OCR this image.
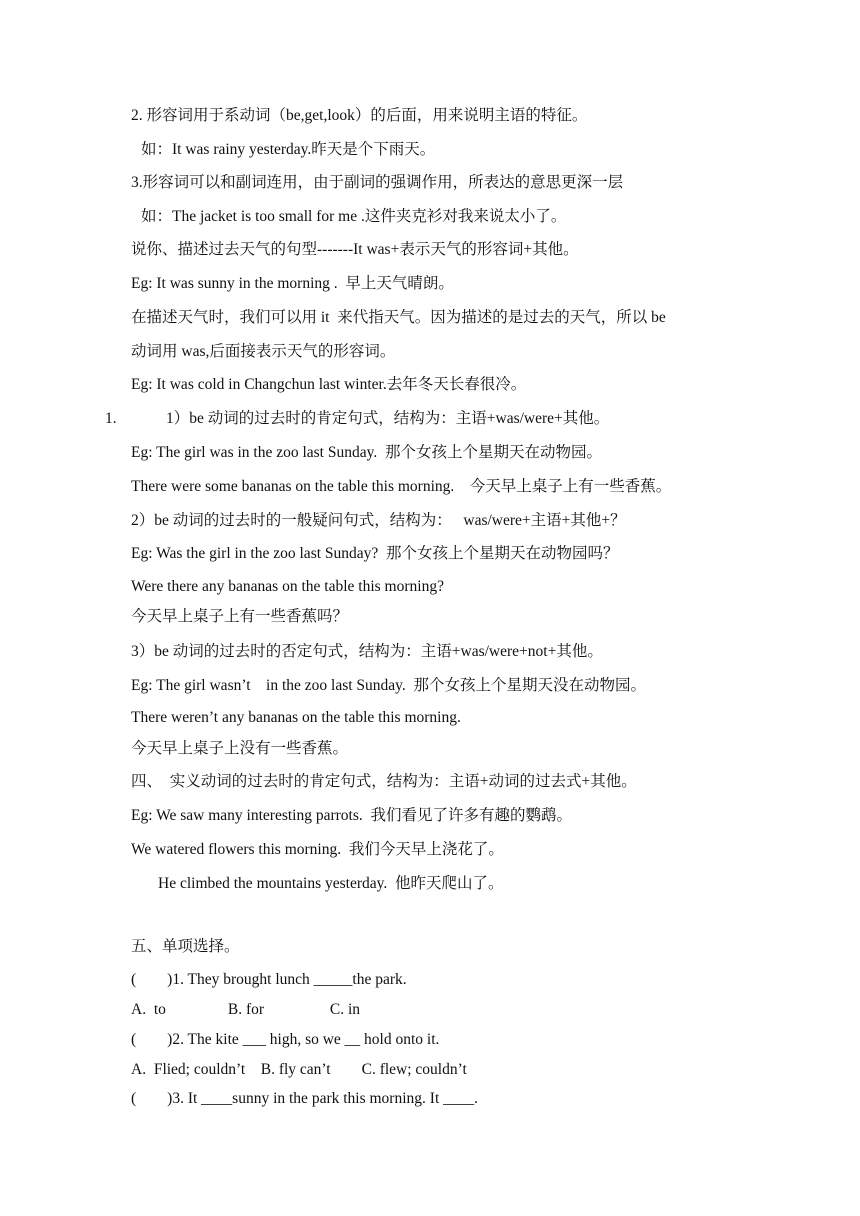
2. 形容词用于系动词（be,get,look）的后面，用来说明主语的特征。
如：It was rainy yesterday.昨天是个下雨天。
3.形容词可以和副词连用，由于副词的强调作用，所表达的意思更深一层
如：The jacket is too small for me .这件夹克衫对我来说太小了。
说你、描述过去天气的句型-------It was+表示天气的形容词+其他。
Eg: It was sunny in the morning .  早上天气晴朗。
在描述天气时，我们可以用 it  来代指天气。因为描述的是过去的天气，所以 be
动词用 was,后面接表示天气的形容词。
Eg: It was cold in Changchun last winter.去年冬天长春很冷。
1.	1）be 动词的过去时的肯定句式，结构为：主语+was/were+其他。
Eg: The girl was in the zoo last Sunday.  那个女孩上个星期天在动物园。
There were some bananas on the table this morning.    今天早上桌子上有一些香蕉。
2）be 动词的过去时的一般疑问句式，结构为：   was/were+主语+其他+？
Eg: Was the girl in the zoo last Sunday?  那个女孩上个星期天在动物园吗？
Were there any bananas on the table this morning?
今天早上桌子上有一些香蕉吗？
3）be 动词的过去时的否定句式，结构为：主语+was/were+not+其他。
Eg: The girl wasn’t    in the zoo last Sunday.  那个女孩上个星期天没在动物园。
There weren’t any bananas on the table this morning.
今天早上桌子上没有一些香蕉。
四、  实义动词的过去时的肯定句式，结构为：主语+动词的过去式+其他。
Eg: We saw many interesting parrots.  我们看见了许多有趣的鹦鹉。
We watered flowers this morning.  我们今天早上浇花了。
He climbed the mountains yesterday.  他昨天爬山了。
五、单项选择。
(        )1. They brought lunch _____the park.
A.  to                B. for                 C. in
(        )2. The kite ___ high, so we __ hold onto it.
A.  Flied; couldn’t    B. fly can’t        C. flew; couldn’t
(        )3. It ____sunny in the park this morning. It ____.
